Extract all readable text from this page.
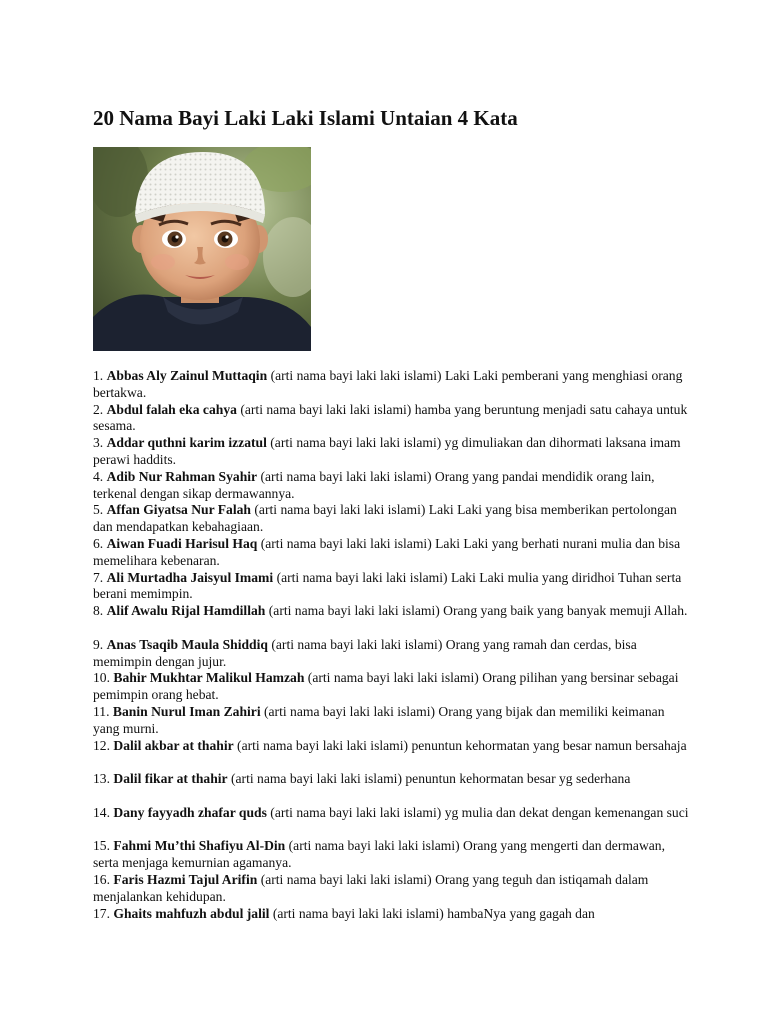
20 Nama Bayi Laki Laki Islami Untaian 4 Kata
1. Abbas Aly Zainul Muttaqin (arti nama bayi laki laki islami) Laki Laki pemberani yang menghiasi orang bertakwa.
2. Abdul falah eka cahya (arti nama bayi laki laki islami) hamba yang beruntung menjadi satu cahaya untuk sesama.
3. Addar quthni karim izzatul (arti nama bayi laki laki islami) yg dimuliakan dan dihormati laksana imam perawi haddits.
4. Adib Nur Rahman Syahir (arti nama bayi laki laki islami) Orang yang pandai mendidik orang lain, terkenal dengan sikap dermawannya.
5. Affan Giyatsa Nur Falah (arti nama bayi laki laki islami) Laki Laki yang bisa memberikan pertolongan dan mendapatkan kebahagiaan.
6. Aiwan Fuadi Harisul Haq (arti nama bayi laki laki islami) Laki Laki yang berhati nurani mulia dan bisa memelihara kebenaran.
7. Ali Murtadha Jaisyul Imami (arti nama bayi laki laki islami) Laki Laki mulia yang diridhoi Tuhan serta berani memimpin.
8. Alif Awalu Rijal Hamdillah (arti nama bayi laki laki islami) Orang yang baik yang banyak memuji Allah.
9. Anas Tsaqib Maula Shiddiq (arti nama bayi laki laki islami) Orang yang ramah dan cerdas, bisa memimpin dengan jujur.
10. Bahir Mukhtar Malikul Hamzah (arti nama bayi laki laki islami) Orang pilihan yang bersinar sebagai pemimpin orang hebat.
11. Banin Nurul Iman Zahiri (arti nama bayi laki laki islami) Orang yang bijak dan memiliki keimanan yang murni.
12. Dalil akbar at thahir (arti nama bayi laki laki islami) penuntun kehormatan yang besar namun bersahaja
13. Dalil fikar at thahir (arti nama bayi laki laki islami) penuntun kehormatan besar yg sederhana
14. Dany fayyadh zhafar quds (arti nama bayi laki laki islami) yg mulia dan dekat dengan kemenangan suci
15. Fahmi Mu’thi Shafiyu Al-Din (arti nama bayi laki laki islami) Orang yang mengerti dan dermawan, serta menjaga kemurnian agamanya.
16. Faris Hazmi Tajul Arifin (arti nama bayi laki laki islami) Orang yang teguh dan istiqamah dalam menjalankan kehidupan.
17. Ghaits mahfuzh abdul jalil (arti nama bayi laki laki islami) hambaNya yang gagah dan
